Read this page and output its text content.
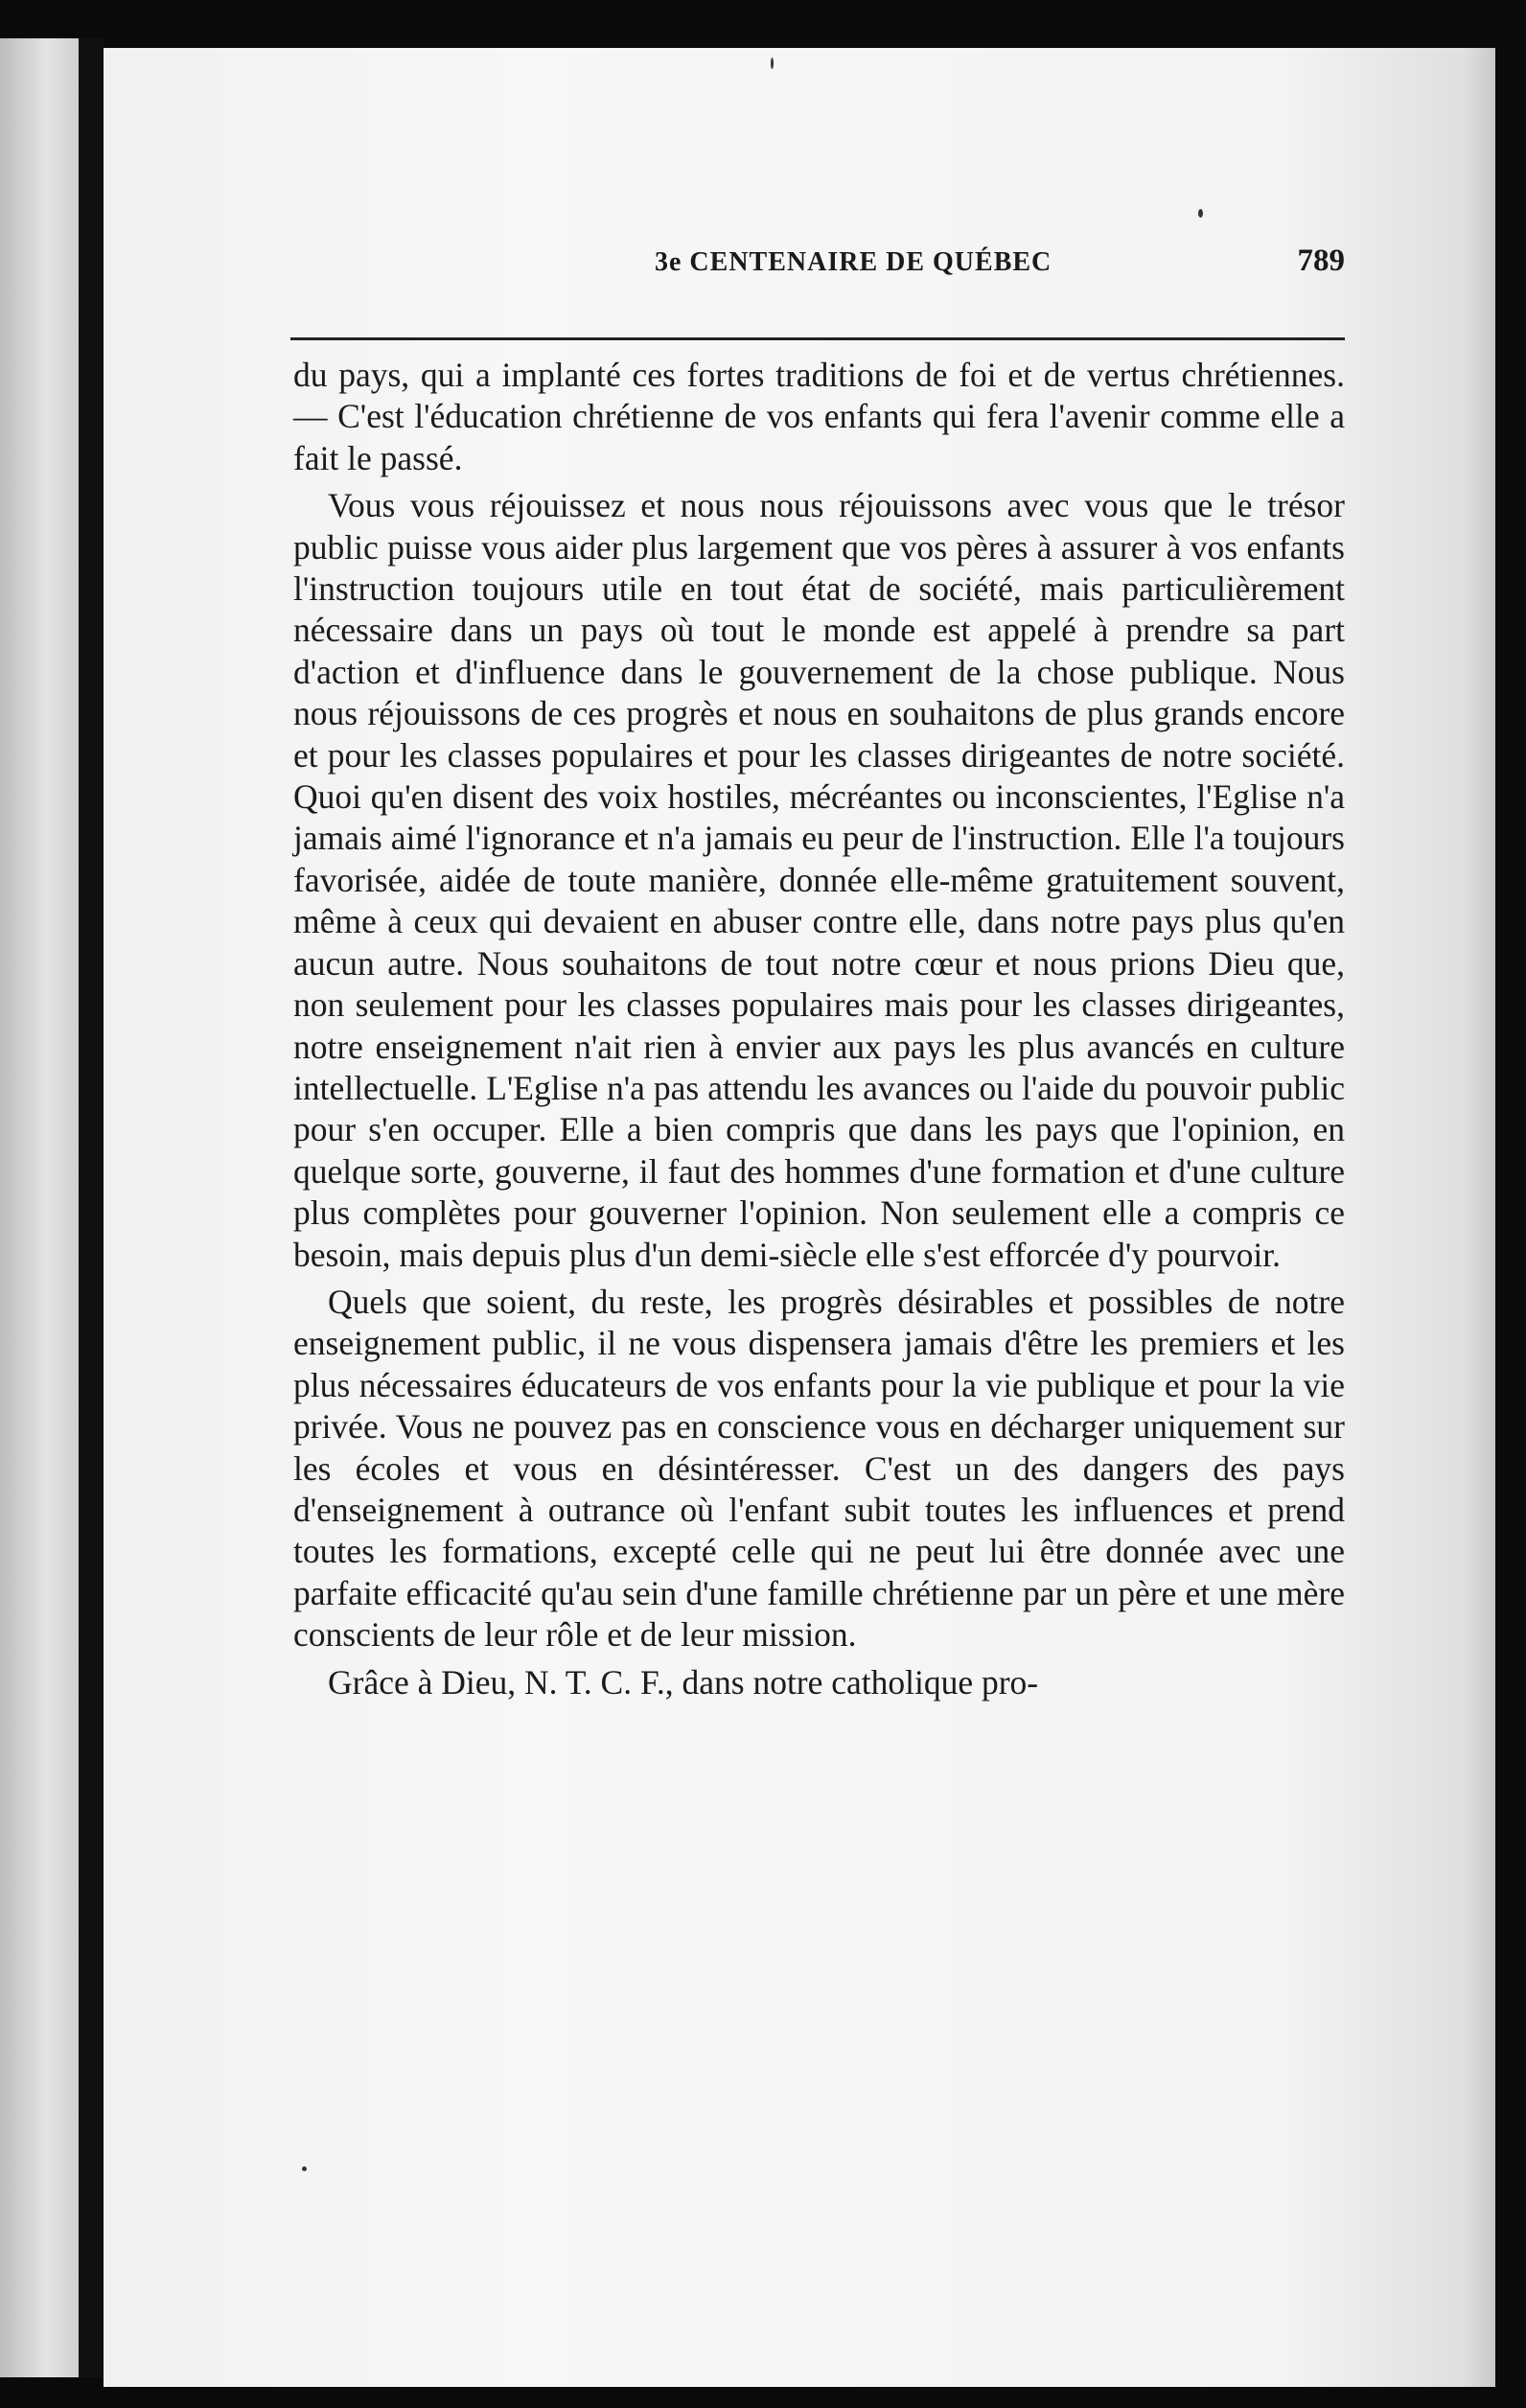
3e CENTENAIRE DE QUÉBEC	789

du pays, qui a implanté ces fortes traditions de foi et de vertus chrétiennes. — C'est l'éducation chrétienne de vos enfants qui fera l'avenir comme elle a fait le passé.

Vous vous réjouissez et nous nous réjouissons avec vous que le trésor public puisse vous aider plus largement que vos pères à assurer à vos enfants l'instruction toujours utile en tout état de société, mais particulièrement nécessaire dans un pays où tout le monde est appelé à prendre sa part d'action et d'influence dans le gouvernement de la chose publique. Nous nous réjouissons de ces progrès et nous en souhaitons de plus grands encore et pour les classes populaires et pour les classes dirigeantes de notre société. Quoi qu'en disent des voix hostiles, mécréantes ou inconscientes, l'Eglise n'a jamais aimé l'ignorance et n'a jamais eu peur de l'instruction. Elle l'a toujours favorisée, aidée de toute manière, donnée elle-même gratuitement souvent, même à ceux qui devaient en abuser contre elle, dans notre pays plus qu'en aucun autre. Nous souhaitons de tout notre cœur et nous prions Dieu que, non seulement pour les classes populaires mais pour les classes dirigeantes, notre enseignement n'ait rien à envier aux pays les plus avancés en culture intellectuelle. L'Eglise n'a pas attendu les avances ou l'aide du pouvoir public pour s'en occuper. Elle a bien compris que dans les pays que l'opinion, en quelque sorte, gouverne, il faut des hommes d'une formation et d'une culture plus complètes pour gouverner l'opinion. Non seulement elle a compris ce besoin, mais depuis plus d'un demi-siècle elle s'est efforcée d'y pourvoir.

Quels que soient, du reste, les progrès désirables et possibles de notre enseignement public, il ne vous dispensera jamais d'être les premiers et les plus nécessaires éducateurs de vos enfants pour la vie publique et pour la vie privée. Vous ne pouvez pas en conscience vous en décharger uniquement sur les écoles et vous en désintéresser. C'est un des dangers des pays d'enseignement à outrance où l'enfant subit toutes les influences et prend toutes les formations, excepté celle qui ne peut lui être donnée avec une parfaite efficacité qu'au sein d'une famille chrétienne par un père et une mère conscients de leur rôle et de leur mission.

Grâce à Dieu, N. T. C. F., dans notre catholique pro-
